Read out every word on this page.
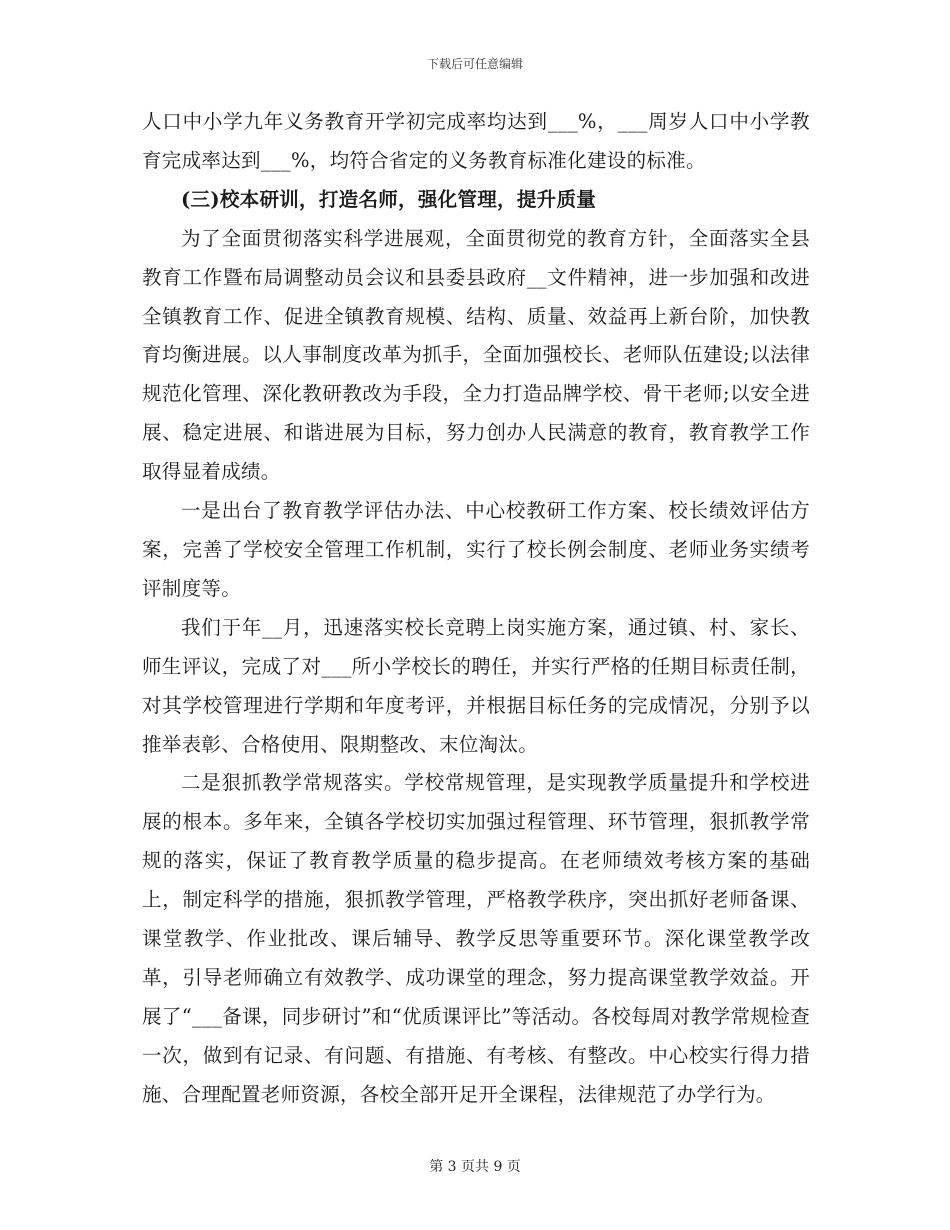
下载后可任意编辑

人口中小学九年义务教育开学初完成率均达到___%，___周岁人口中小学教育完成率达到___%，均符合省定的义务教育标准化建设的标准。

(三)校本研训，打造名师，强化管理，提升质量

为了全面贯彻落实科学进展观，全面贯彻党的教育方针，全面落实全县教育工作暨布局调整动员会议和县委县政府__文件精神，进一步加强和改进全镇教育工作、促进全镇教育规模、结构、质量、效益再上新台阶，加快教育均衡进展。以人事制度改革为抓手，全面加强校长、老师队伍建设;以法律规范化管理、深化教研教改为手段，全力打造品牌学校、骨干老师;以安全进展、稳定进展、和谐进展为目标，努力创办人民满意的教育，教育教学工作取得显着成绩。

一是出台了教育教学评估办法、中心校教研工作方案、校长绩效评估方案，完善了学校安全管理工作机制，实行了校长例会制度、老师业务实绩考评制度等。

我们于年__月，迅速落实校长竞聘上岗实施方案，通过镇、村、家长、师生评议，完成了对___所小学校长的聘任，并实行严格的任期目标责任制，对其学校管理进行学期和年度考评，并根据目标任务的完成情况，分别予以推举表彰、合格使用、限期整改、末位淘汰。

二是狠抓教学常规落实。学校常规管理，是实现教学质量提升和学校进展的根本。多年来，全镇各学校切实加强过程管理、环节管理，狠抓教学常规的落实，保证了教育教学质量的稳步提高。在老师绩效考核方案的基础上，制定科学的措施，狠抓教学管理，严格教学秩序，突出抓好老师备课、课堂教学、作业批改、课后辅导、教学反思等重要环节。深化课堂教学改革，引导老师确立有效教学、成功课堂的理念，努力提高课堂教学效益。开展了“___备课，同步研讨”和“优质课评比”等活动。各校每周对教学常规检查一次，做到有记录、有问题、有措施、有考核、有整改。中心校实行得力措施、合理配置老师资源，各校全部开足开全课程，法律规范了办学行为。

第 3 页共 9 页
